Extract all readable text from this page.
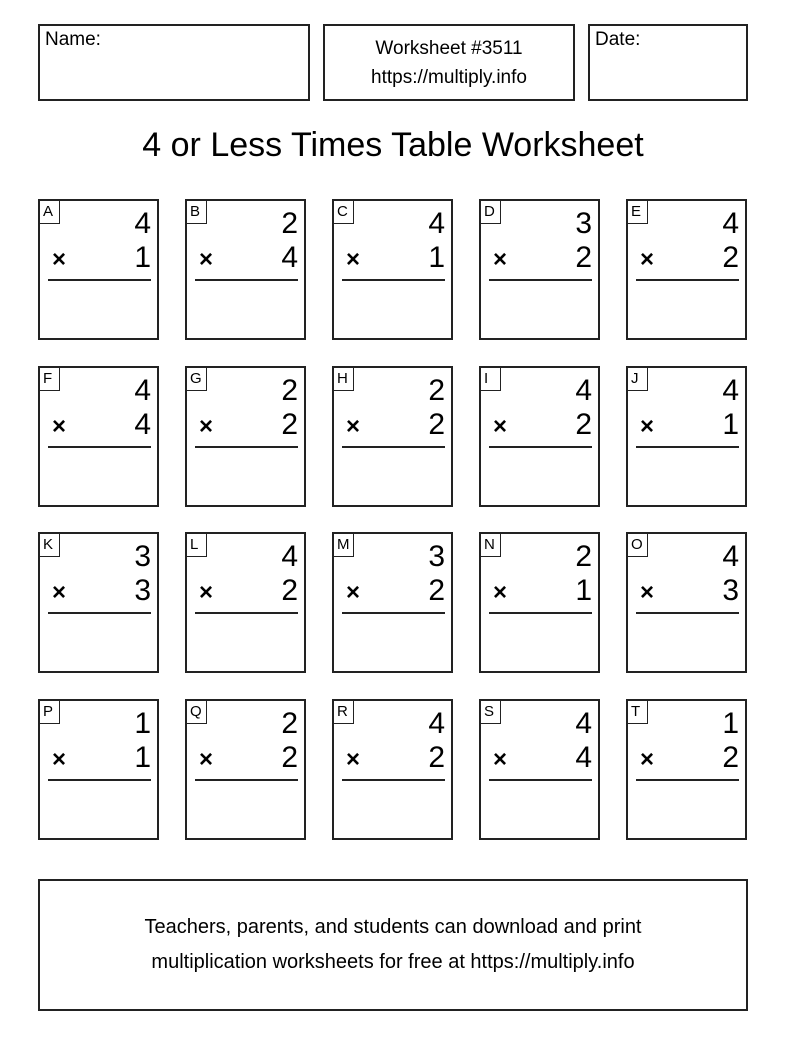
Name:	Worksheet #3511
https://multiply.info
Date:
4 or Less Times Table Worksheet
A	4
× 1
B	2
× 4
C	4
× 1
D	3
× 2
E	4
× 2
F	4
× 4
G	2
× 2
H	2
× 2
I	4
× 2
J	4
× 1
K	3
× 3
L	4
× 2
M	3
× 2
N	2
× 1
O	4
× 3
P	1
× 1
Q	2
× 2
R	4
× 2
S	4
× 4
T	1
× 2
Teachers, parents, and students can download and print
multiplication worksheets for free at https://multiply.info
